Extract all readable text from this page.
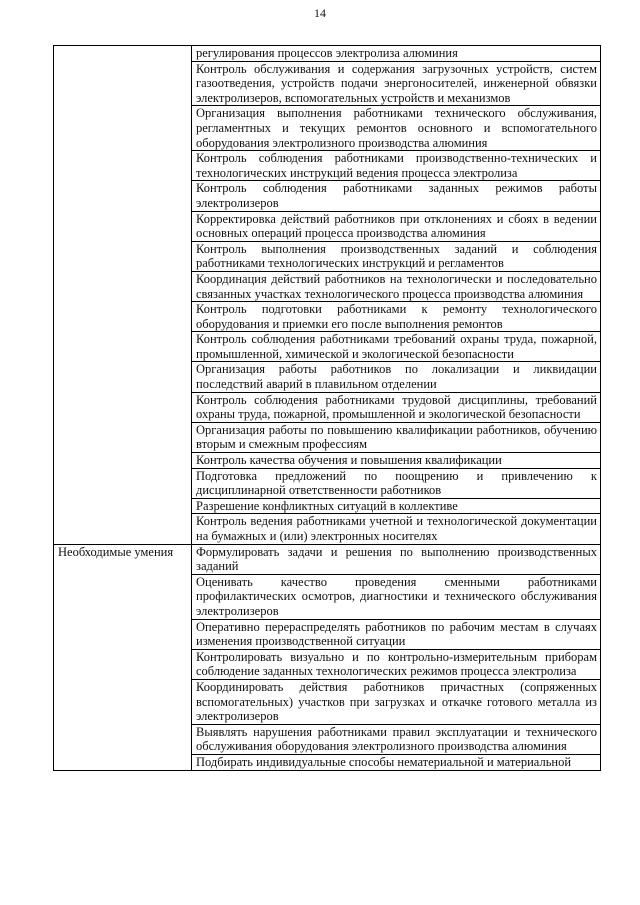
14
	регулирования процессов электролиза алюминия
	Контроль обслуживания и содержания загрузочных устройств, систем газоотведения, устройств подачи энергоносителей, инженерной обвязки электролизеров, вспомогательных устройств и механизмов
	Организация выполнения работниками технического обслуживания, регламентных и текущих ремонтов основного и вспомогательного оборудования электролизного производства алюминия
	Контроль соблюдения работниками производственно-технических и технологических инструкций ведения процесса электролиза
	Контроль соблюдения работниками заданных режимов работы электролизеров
	Корректировка действий работников при отклонениях и сбоях в ведении основных операций процесса производства алюминия
	Контроль выполнения производственных заданий и соблюдения работниками технологических инструкций и регламентов
	Координация действий работников на технологически и последовательно связанных участках технологического процесса производства алюминия
	Контроль подготовки работниками к ремонту технологического оборудования и приемки его после выполнения ремонтов
	Контроль соблюдения работниками требований охраны труда, пожарной, промышленной, химической и экологической безопасности
	Организация работы работников по локализации и ликвидации последствий аварий в плавильном отделении
	Контроль соблюдения работниками трудовой дисциплины, требований охраны труда, пожарной, промышленной и экологической безопасности
	Организация работы по повышению квалификации работников, обучению вторым и смежным профессиям
	Контроль качества обучения и повышения квалификации
	Подготовка предложений по поощрению и привлечению к дисциплинарной ответственности работников
	Разрешение конфликтных ситуаций в коллективе
	Контроль ведения работниками учетной и технологической документации на бумажных и (или) электронных носителях
Необходимые умения	Формулировать задачи и решения по выполнению производственных заданий
	Оценивать качество проведения сменными работниками профилактических осмотров, диагностики и технического обслуживания электролизеров
	Оперативно перераспределять работников по рабочим местам в случаях изменения производственной ситуации
	Контролировать визуально и по контрольно-измерительным приборам соблюдение заданных технологических режимов процесса электролиза
	Координировать действия работников причастных (сопряженных вспомогательных) участков при загрузках и откачке готового металла из электролизеров
	Выявлять нарушения работниками правил эксплуатации и технического обслуживания оборудования электролизного производства алюминия
	Подбирать индивидуальные способы нематериальной и материальной
